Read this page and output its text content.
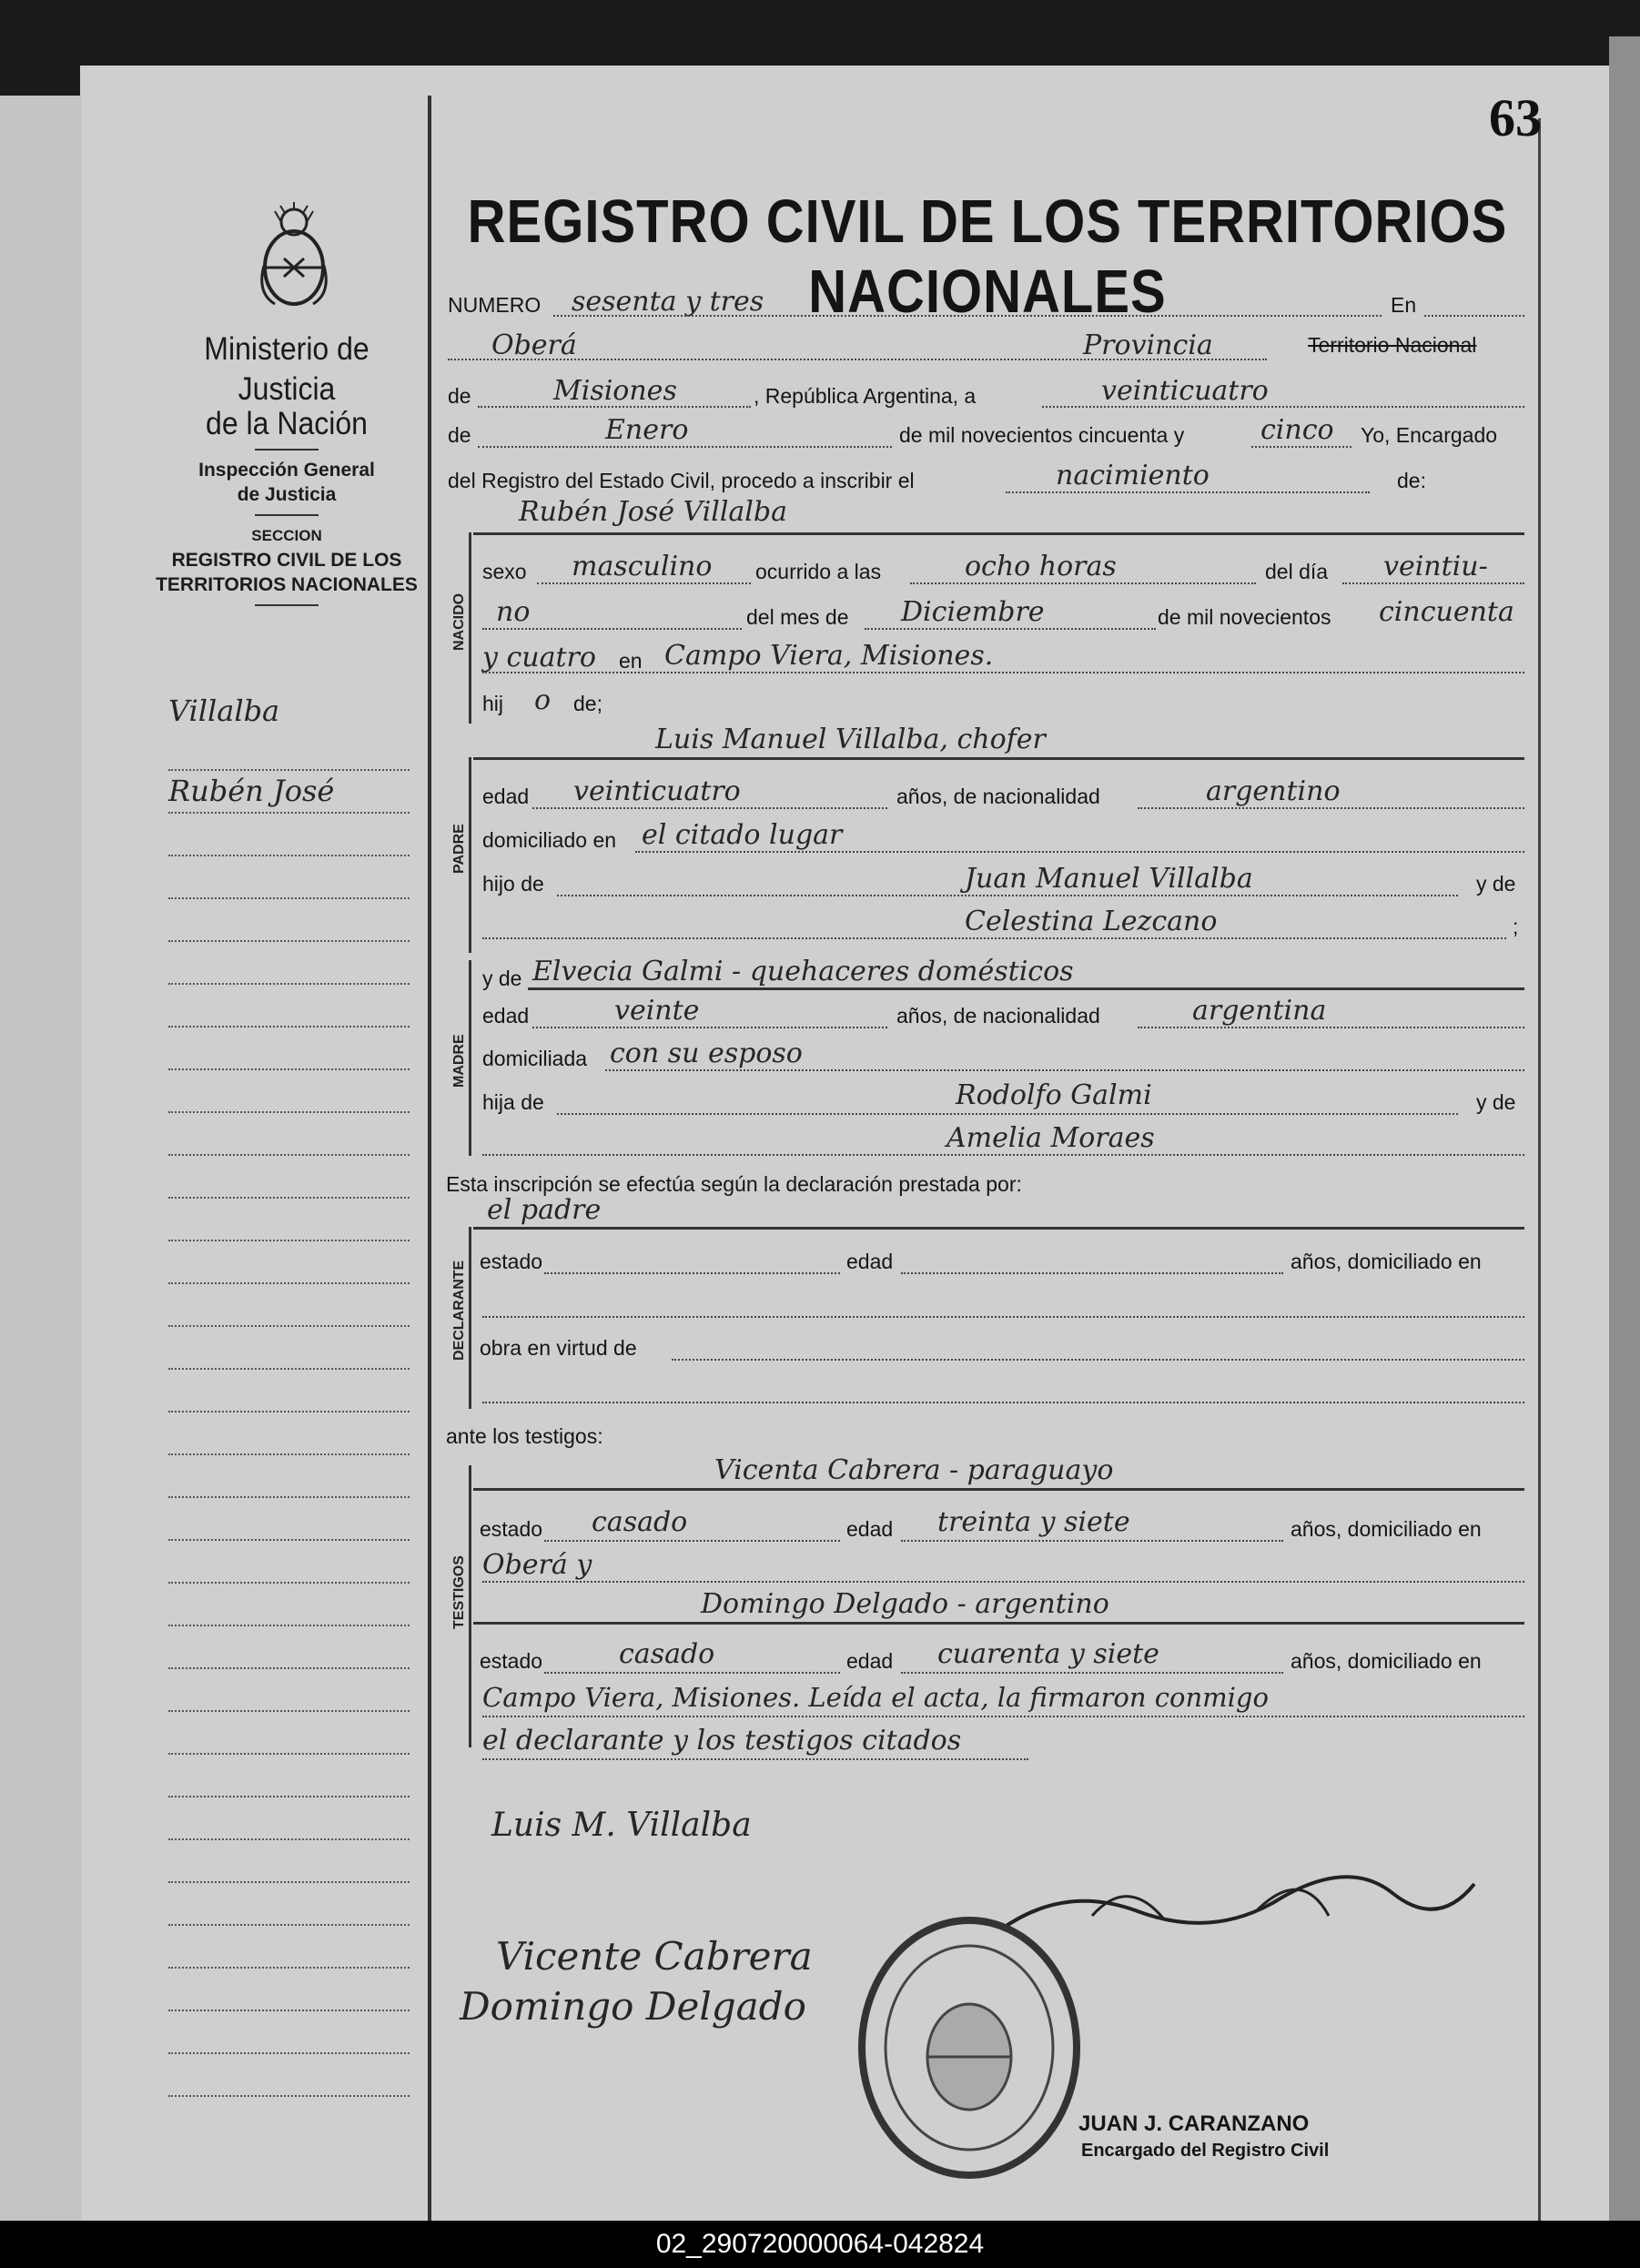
63
REGISTRO CIVIL DE LOS TERRITORIOS NACIONALES
Ministerio de Justicia
de la Nación
Inspección General
de Justicia
SECCION
REGISTRO CIVIL DE LOS
TERRITORIOS NACIONALES
Villalba
Rubén José
NUMERO sesenta y tres	En
Oberá	Provincia	Territorio Nacional
de	Misiones	, República Argentina, a	veinticuatro
de	Enero	de mil novecientos cincuenta y	cinco Yo, Encargado
del Registro del Estado Civil, procedo a inscribir el	nacimiento	de:
Rubén José Villalba
NACIDO
sexo masculino ocurrido a las	ocho horas	del día veintiu-
no	del mes de Diciembre	de mil novecientos cincuenta
y cuatro en Campo Viera, Misiones.
hij o de;
Luis Manuel Villalba, chofer
PADRE
edad veinticuatro	años, de nacionalidad	argentino
domiciliado en el citado lugar
hijo de	Juan Manuel Villalba	y de
Celestina Lezcano	;
MADRE
y de Elvecia Galmi - quehaceres domésticos
edad	veinte	años, de nacionalidad	argentina
domiciliada con su esposo
hija de	Rodolfo Galmi	y de
Amelia Moraes
Esta inscripción se efectúa según la declaración prestada por:
el padre
DECLARANTE estado	edad	años, domiciliado en
obra en virtud de
ante los testigos:
Vicenta Cabrera - paraguayo
TESTIGOS
estado casado	edad treinta y siete	años, domiciliado en
Oberá y
Domingo Delgado - argentino
estado	casado	edad cuarenta y siete	años, domiciliado en
Campo Viera, Misiones. Leída el acta, la firmaron conmigo
el declarante y los testigos citados
Luis M. Villalba
Vicente Cabrera
Domingo Delgado
JUAN J. CARANZANO
Encargado del Registro Civil
02_290720000064-042824
